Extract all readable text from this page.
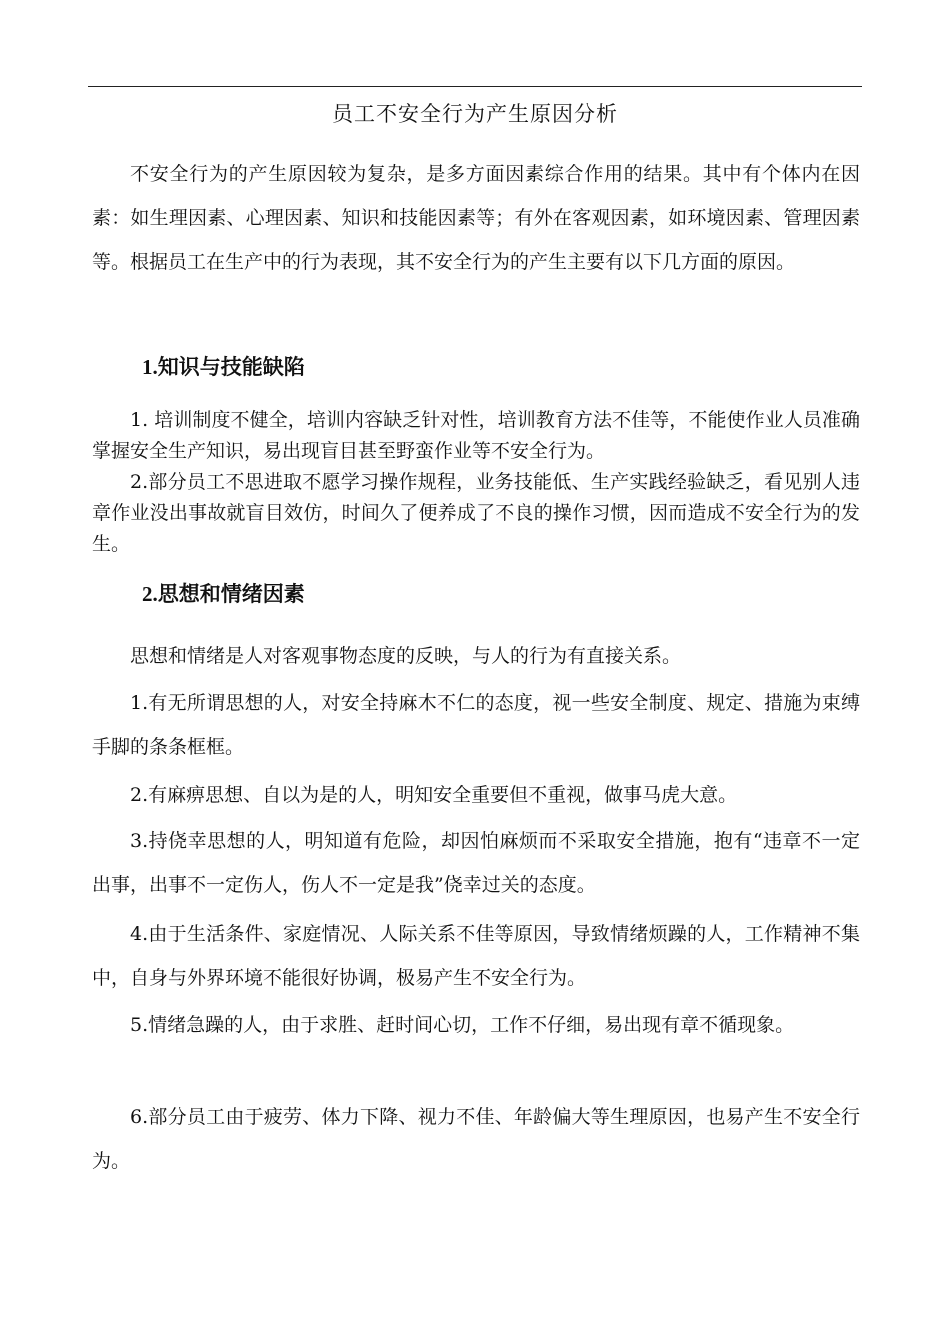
员工不安全行为产生原因分析

不安全行为的产生原因较为复杂，是多方面因素综合作用的结果。其中有个体内在因素：如生理因素、心理因素、知识和技能因素等；有外在客观因素，如环境因素、管理因素等。根据员工在生产中的行为表现，其不安全行为的产生主要有以下几方面的原因。

1.知识与技能缺陷

1. 培训制度不健全，培训内容缺乏针对性，培训教育方法不佳等，不能使作业人员准确掌握安全生产知识，易出现盲目甚至野蛮作业等不安全行为。

2.部分员工不思进取不愿学习操作规程，业务技能低、生产实践经验缺乏，看见别人违章作业没出事故就盲目效仿，时间久了便养成了不良的操作习惯，因而造成不安全行为的发生。

2.思想和情绪因素

思想和情绪是人对客观事物态度的反映，与人的行为有直接关系。

1.有无所谓思想的人，对安全持麻木不仁的态度，视一些安全制度、规定、措施为束缚手脚的条条框框。

2.有麻痹思想、自以为是的人，明知安全重要但不重视，做事马虎大意。

3.持侥幸思想的人，明知道有危险，却因怕麻烦而不采取安全措施，抱有“违章不一定出事，出事不一定伤人，伤人不一定是我”侥幸过关的态度。

4.由于生活条件、家庭情况、人际关系不佳等原因，导致情绪烦躁的人，工作精神不集中，自身与外界环境不能很好协调，极易产生不安全行为。

5.情绪急躁的人，由于求胜、赶时间心切，工作不仔细，易出现有章不循现象。

6.部分员工由于疲劳、体力下降、视力不佳、年龄偏大等生理原因，也易产生不安全行为。
